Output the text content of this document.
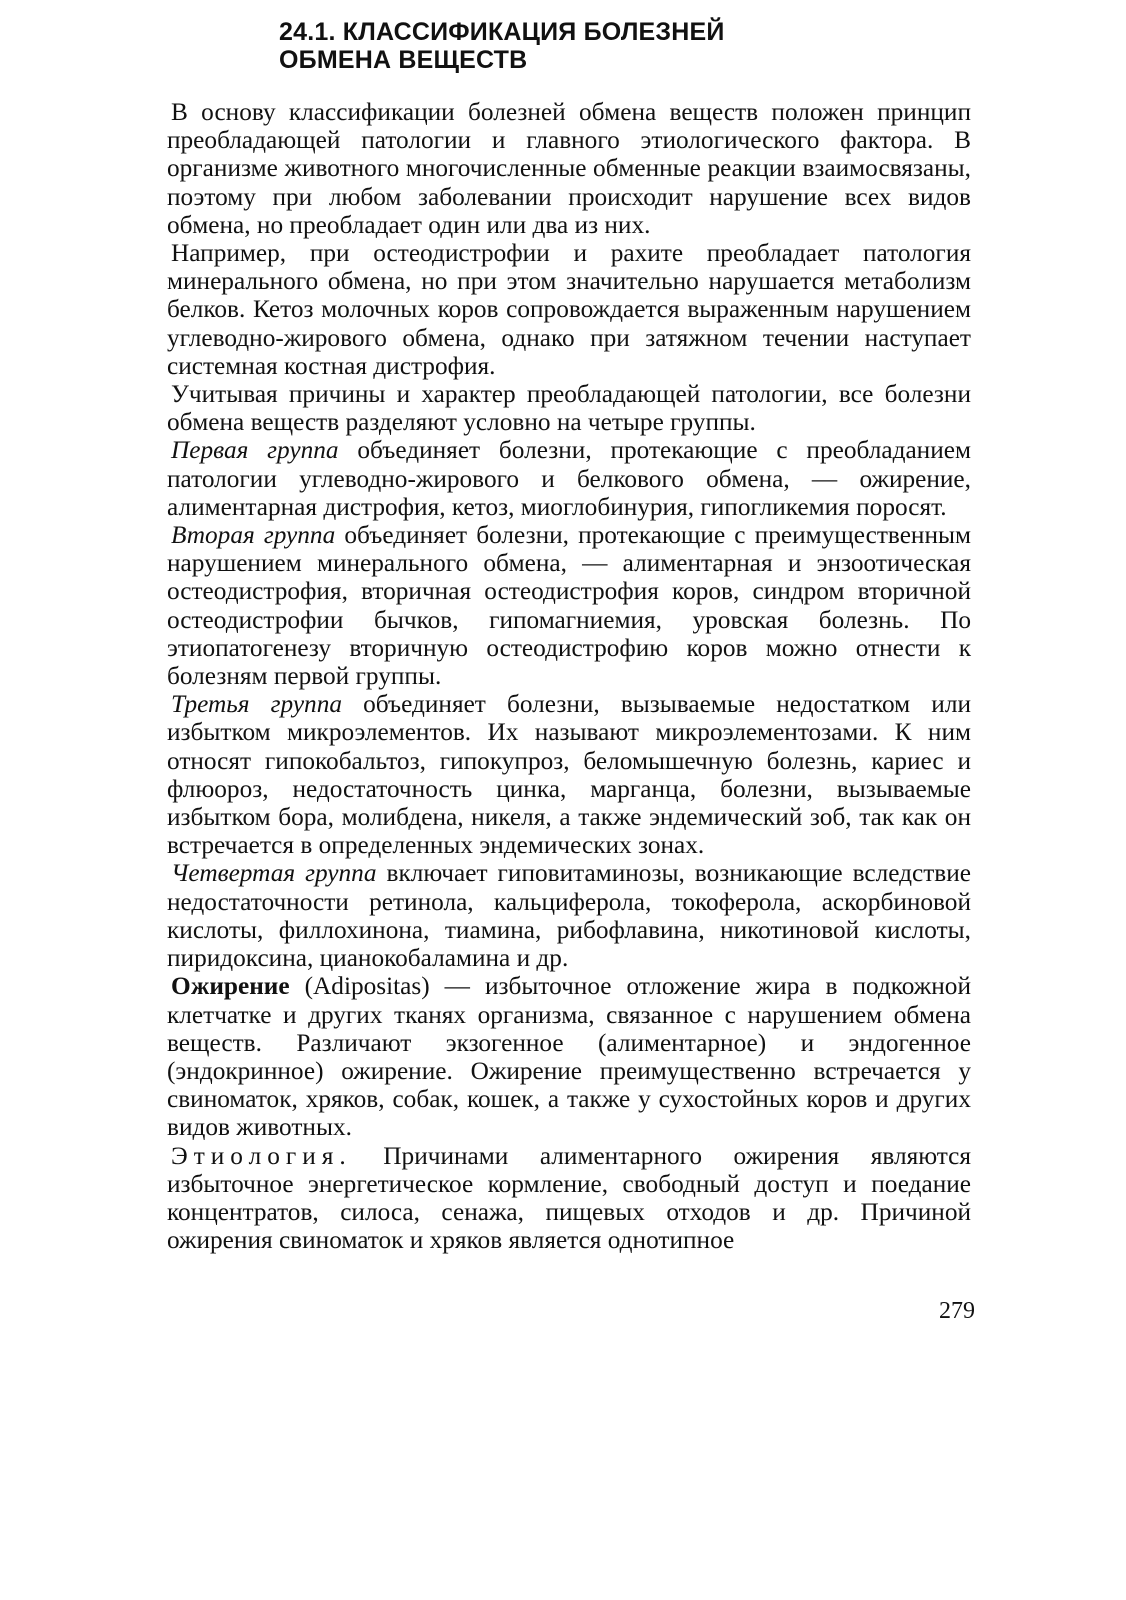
24.1. КЛАССИФИКАЦИЯ БОЛЕЗНЕЙ
ОБМЕНА ВЕЩЕСТВ

В основу классификации болезней обмена веществ положен принцип преобладающей патологии и главного этиологического фактора. В организме животного многочисленные обменные реакции взаимосвязаны, поэтому при любом заболевании происходит нарушение всех видов обмена, но преобладает один или два из них.

Например, при остеодистрофии и рахите преобладает патология минерального обмена, но при этом значительно нарушается метаболизм белков. Кетоз молочных коров сопровождается выраженным нарушением углеводно-жирового обмена, однако при затяжном течении наступает системная костная дистрофия.

Учитывая причины и характер преобладающей патологии, все болезни обмена веществ разделяют условно на четыре группы.

Первая группа объединяет болезни, протекающие с преобладанием патологии углеводно-жирового и белкового обмена, — ожирение, алиментарная дистрофия, кетоз, миоглобинурия, гипогликемия поросят.

Вторая группа объединяет болезни, протекающие с преимущественным нарушением минерального обмена, — алиментарная и энзоотическая остеодистрофия, вторичная остеодистрофия коров, синдром вторичной остеодистрофии бычков, гипомагниемия, уровская болезнь. По этиопатогенезу вторичную остеодистрофию коров можно отнести к болезням первой группы.

Третья группа объединяет болезни, вызываемые недостатком или избытком микроэлементов. Их называют микроэлементозами. К ним относят гипокобальтоз, гипокупроз, беломышечную болезнь, кариес и флюороз, недостаточность цинка, марганца, болезни, вызываемые избытком бора, молибдена, никеля, а также эндемический зоб, так как он встречается в определенных эндемических зонах.

Четвертая группа включает гиповитаминозы, возникающие вследствие недостаточности ретинола, кальциферола, токоферола, аскорбиновой кислоты, филлохинона, тиамина, рибофлавина, никотиновой кислоты, пиридоксина, цианокобаламина и др.

Ожирение (Adipositas) — избыточное отложение жира в подкожной клетчатке и других тканях организма, связанное с нарушением обмена веществ. Различают экзогенное (алиментарное) и эндогенное (эндокринное) ожирение. Ожирение преимущественно встречается у свиноматок, хряков, собак, кошек, а также у сухостойных коров и других видов животных.

Этиология. Причинами алиментарного ожирения являются избыточное энергетическое кормление, свободный доступ и поедание концентратов, силоса, сенажа, пищевых отходов и др. Причиной ожирения свиноматок и хряков является однотипное

279
